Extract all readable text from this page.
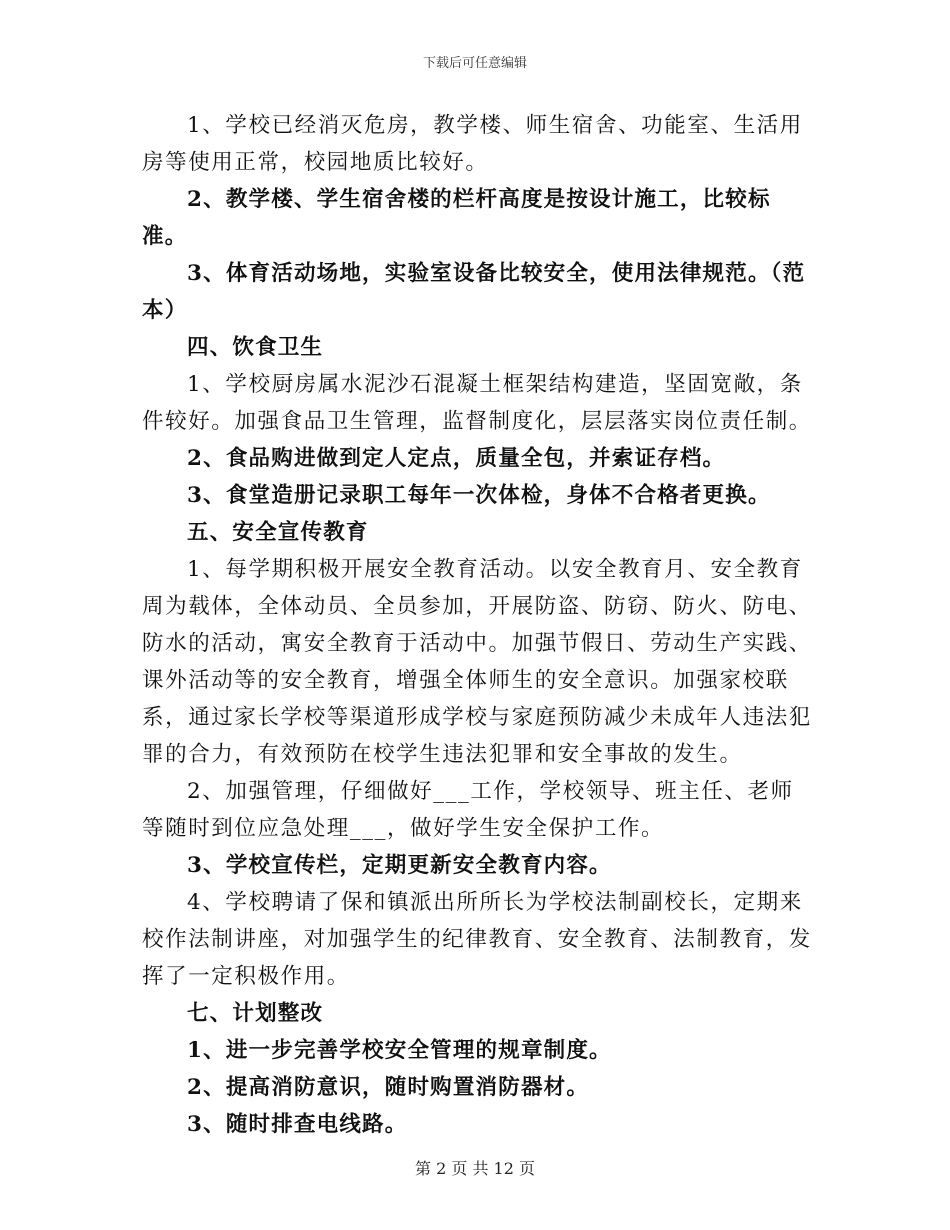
下载后可任意编辑

1、学校已经消灭危房，教学楼、师生宿舍、功能室、生活用房等使用正常，校园地质比较好。

2、教学楼、学生宿舍楼的栏杆高度是按设计施工，比较标准。

3、体育活动场地，实验室设备比较安全，使用法律规范。（范本）

四、饮食卫生

1、学校厨房属水泥沙石混凝土框架结构建造，坚固宽敞，条件较好。加强食品卫生管理，监督制度化，层层落实岗位责任制。

2、食品购进做到定人定点，质量全包，并索证存档。

3、食堂造册记录职工每年一次体检，身体不合格者更换。

五、安全宣传教育

1、每学期积极开展安全教育活动。以安全教育月、安全教育周为载体，全体动员、全员参加，开展防盗、防窃、防火、防电、防水的活动，寓安全教育于活动中。加强节假日、劳动生产实践、课外活动等的安全教育，增强全体师生的安全意识。加强家校联系，通过家长学校等渠道形成学校与家庭预防减少未成年人违法犯罪的合力，有效预防在校学生违法犯罪和安全事故的发生。

2、加强管理，仔细做好___工作，学校领导、班主任、老师等随时到位应急处理___，做好学生安全保护工作。

3、学校宣传栏，定期更新安全教育内容。

4、学校聘请了保和镇派出所所长为学校法制副校长，定期来校作法制讲座，对加强学生的纪律教育、安全教育、法制教育，发挥了一定积极作用。

七、计划整改

1、进一步完善学校安全管理的规章制度。

2、提高消防意识，随时购置消防器材。

3、随时排查电线路。

第 2 页 共 12 页
